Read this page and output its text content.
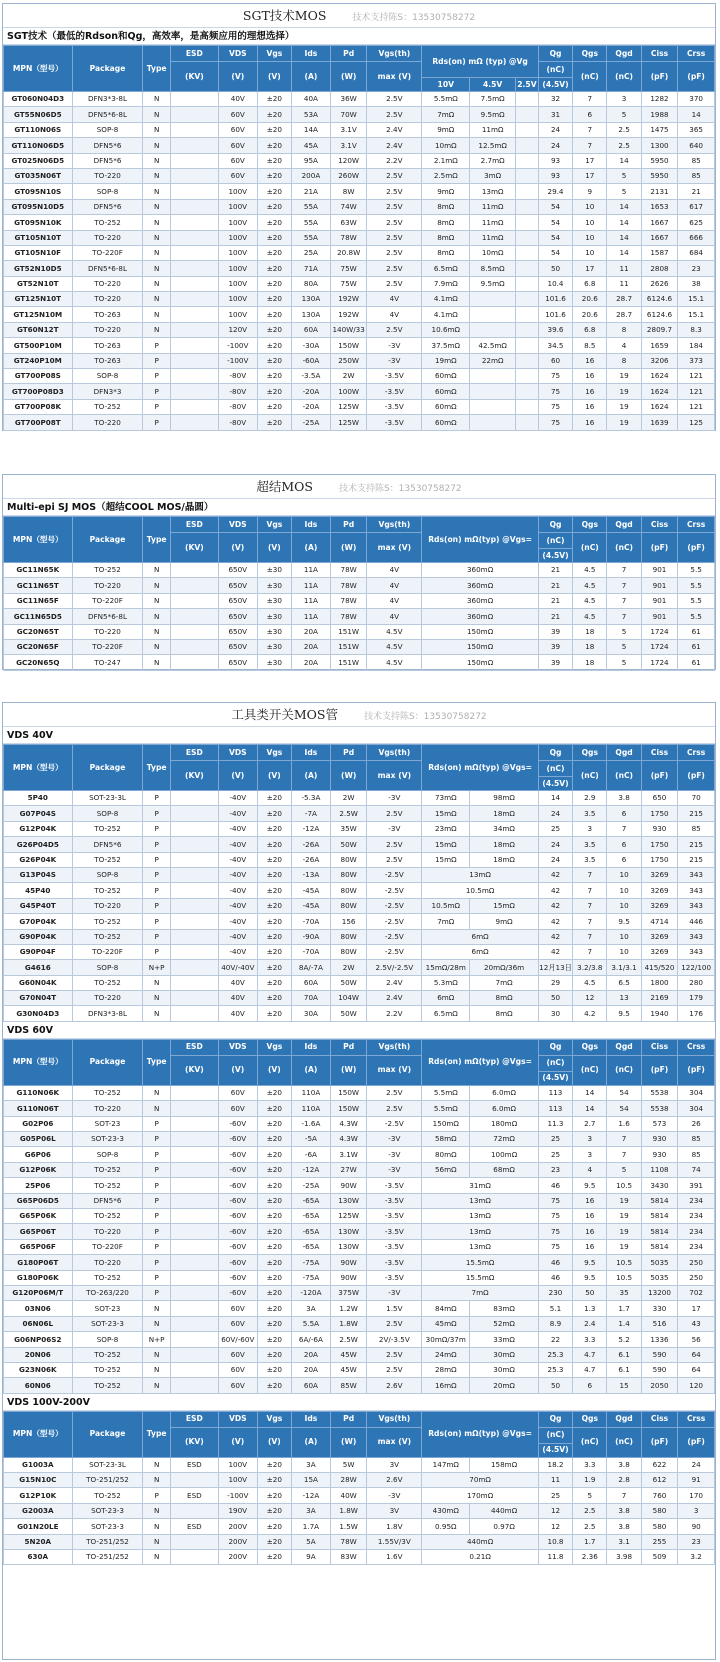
SGT技术MOS	技术支持陈S：13530758272
SGT技术（最低的Rdson和Qg，高效率，是高频应用的理想选择）
MPN（型号）	Package	Type	ESD	VDS	Vgs	Ids	Pd	Vgs(th)	Rds(on) mΩ (typ) @Vg			Qg	Qgs	Qgd	Ciss	Crss
			(KV)	(V)	(V)	(A)	(W)	max (V)				(nC)	(nC)	(nC)	(pF)	(pF)
									10V	4.5V	2.5V	(4.5V)				
GT060N04D3	DFN3*3-8L	N		40V	±20	40A	36W	2.5V	5.5mΩ	7.5mΩ		32	7	3	1282	370
GT55N06D5	DFN5*6-8L	N		60V	±20	53A	70W	2.5V	7mΩ	9.5mΩ		31	6	5	1988	14
GT110N06S	SOP-8	N		60V	±20	14A	3.1V	2.4V	9mΩ	11mΩ		24	7	2.5	1475	365
GT110N06D5	DFN5*6	N		60V	±20	45A	3.1V	2.4V	10mΩ	12.5mΩ		24	7	2.5	1300	640
GT025N06D5	DFN5*6	N		60V	±20	95A	120W	2.2V	2.1mΩ	2.7mΩ		93	17	14	5950	85
GT035N06T	TO-220	N		60V	±20	200A	260W	2.5V	2.5mΩ	3mΩ		93	17	5	5950	85
GT095N10S	SOP-8	N		100V	±20	21A	8W	2.5V	9mΩ	13mΩ		29.4	9	5	2131	21
GT095N10D5	DFN5*6	N		100V	±20	55A	74W	2.5V	8mΩ	11mΩ		54	10	14	1653	617
GT095N10K	TO-252	N		100V	±20	55A	63W	2.5V	8mΩ	11mΩ		54	10	14	1667	625
GT105N10T	TO-220	N		100V	±20	55A	78W	2.5V	8mΩ	11mΩ		54	10	14	1667	666
GT105N10F	TO-220F	N		100V	±20	25A	20.8W	2.5V	8mΩ	10mΩ		54	10	14	1587	684
GT52N10D5	DFN5*6-8L	N		100V	±20	71A	75W	2.5V	6.5mΩ	8.5mΩ		50	17	11	2808	23
GT52N10T	TO-220	N		100V	±20	80A	75W	2.5V	7.9mΩ	9.5mΩ		10.4	6.8	11	2626	38
GT125N10T	TO-220	N		100V	±20	130A	192W	4V	4.1mΩ			101.6	20.6	28.7	6124.6	15.1
GT125N10M	TO-263	N		100V	±20	130A	192W	4V	4.1mΩ			101.6	20.6	28.7	6124.6	15.1
GT60N12T	TO-220	N		120V	±20	60A	140W/33	2.5V	10.6mΩ			39.6	6.8	8	2809.7	8.3
GT500P10M	TO-263	P		-100V	±20	-30A	150W	-3V	37.5mΩ	42.5mΩ		34.5	8.5	4	1659	184
GT240P10M	TO-263	P		-100V	±20	-60A	250W	-3V	19mΩ	22mΩ		60	16	8	3206	373
GT700P08S	SOP-8	P		-80V	±20	-3.5A	2W	-3.5V	60mΩ			75	16	19	1624	121
GT700P08D3	DFN3*3	P		-80V	±20	-20A	100W	-3.5V	60mΩ			75	16	19	1624	121
GT700P08K	TO-252	P		-80V	±20	-20A	125W	-3.5V	60mΩ			75	16	19	1624	121
GT700P08T	TO-220	P		-80V	±20	-25A	125W	-3.5V	60mΩ			75	16	19	1639	125
超结MOS	技术支持陈S：13530758272
Multi-epi SJ MOS（超结COOL MOS/晶圆）
MPN（型号）	Package	Type	ESD	VDS	Vgs	Ids	Pd	Vgs(th)	Rds(on) mΩ(typ) @Vgs=	Qg	Qgs	Qgd	Ciss	Crss
			(KV)	(V)	(V)	(A)	(W)	max (V)		(nC)	(nC)	(nC)	(pF)	(pF)
										(4.5V)				
GC11N65K	TO-252	N		650V	±30	11A	78W	4V	360mΩ	21	4.5	7	901	5.5
GC11N65T	TO-220	N		650V	±30	11A	78W	4V	360mΩ	21	4.5	7	901	5.5
GC11N65F	TO-220F	N		650V	±30	11A	78W	4V	360mΩ	21	4.5	7	901	5.5
GC11N65D5	DFN5*6-8L	N		650V	±30	11A	78W	4V	360mΩ	21	4.5	7	901	5.5
GC20N65T	TO-220	N		650V	±30	20A	151W	4.5V	150mΩ	39	18	5	1724	61
GC20N65F	TO-220F	N		650V	±30	20A	151W	4.5V	150mΩ	39	18	5	1724	61
GC20N65Q	TO-247	N		650V	±30	20A	151W	4.5V	150mΩ	39	18	5	1724	61
工具类开关MOS管	技术支持陈S：13530758272
VDS 40V
MPN（型号）	Package	Type	ESD	VDS	Vgs	Ids	Pd	Vgs(th)	Rds(on) mΩ(typ) @Vgs=		Qg	Qgs	Qgd	Ciss	Crss
			(KV)	(V)	(V)	(A)	(W)	max (V)			(nC)	(nC)	(nC)	(pF)	(pF)
											(4.5V)				
5P40	SOT-23-3L	P		-40V	±20	-5.3A	2W	-3V	73mΩ	98mΩ	14	2.9	3.8	650	70
G07P04S	SOP-8	P		-40V	±20	-7A	2.5W	2.5V	15mΩ	18mΩ	24	3.5	6	1750	215
G12P04K	TO-252	P		-40V	±20	-12A	35W	-3V	23mΩ	34mΩ	25	3	7	930	85
G26P04D5	DFN5*6	P		-40V	±20	-26A	50W	2.5V	15mΩ	18mΩ	24	3.5	6	1750	215
G26P04K	TO-252	P		-40V	±20	-26A	80W	2.5V	15mΩ	18mΩ	24	3.5	6	1750	215
G13P04S	SOP-8	P		-40V	±20	-13A	80W	-2.5V	13mΩ		42	7	10	3269	343
45P40	TO-252	P		-40V	±20	-45A	80W	-2.5V	10.5mΩ		42	7	10	3269	343
G45P40T	TO-220	P		-40V	±20	-45A	80W	-2.5V	10.5mΩ	15mΩ	42	7	10	3269	343
G70P04K	TO-252	P		-40V	±20	-70A	156	-2.5V	7mΩ	9mΩ	42	7	9.5	4714	446
G90P04K	TO-252	P		-40V	±20	-90A	80W	-2.5V	6mΩ		42	7	10	3269	343
G90P04F	TO-220F	P		-40V	±20	-70A	80W	-2.5V	6mΩ		42	7	10	3269	343
G4616	SOP-8	N+P		40V/-40V	±20	8A/-7A	2W	2.5V/-2.5V	15mΩ/28m	20mΩ/36m	12月13日	3.2/3.8	3.1/3.1	415/520	122/100
G60N04K	TO-252	N		40V	±20	60A	50W	2.4V	5.3mΩ	7mΩ	29	4.5	6.5	1800	280
G70N04T	TO-220	N		40V	±20	70A	104W	2.4V	6mΩ	8mΩ	50	12	13	2169	179
G30N04D3	DFN3*3-8L	N		40V	±20	30A	50W	2.2V	6.5mΩ	8mΩ	30	4.2	9.5	1940	176
VDS 60V
MPN（型号）	Package	Type	ESD	VDS	Vgs	Ids	Pd	Vgs(th)	Rds(on) mΩ(typ) @Vgs=		Qg	Qgs	Qgd	Ciss	Crss
			(KV)	(V)	(V)	(A)	(W)	max (V)			(nC)	(nC)	(nC)	(pF)	(pF)
											(4.5V)				
G110N06K	TO-252	N		60V	±20	110A	150W	2.5V	5.5mΩ	6.0mΩ	113	14	54	5538	304
G110N06T	TO-220	N		60V	±20	110A	150W	2.5V	5.5mΩ	6.0mΩ	113	14	54	5538	304
G02P06	SOT-23	P		-60V	±20	-1.6A	4.3W	-2.5V	150mΩ	180mΩ	11.3	2.7	1.6	573	26
G05P06L	SOT-23-3	P		-60V	±20	-5A	4.3W	-3V	58mΩ	72mΩ	25	3	7	930	85
G6P06	SOP-8	P		-60V	±20	-6A	3.1W	-3V	80mΩ	100mΩ	25	3	7	930	85
G12P06K	TO-252	P		-60V	±20	-12A	27W	-3V	56mΩ	68mΩ	23	4	5	1108	74
25P06	TO-252	P		-60V	±20	-25A	90W	-3.5V	31mΩ		46	9.5	10.5	3430	391
G65P06D5	DFN5*6	P		-60V	±20	-65A	130W	-3.5V	13mΩ		75	16	19	5814	234
G65P06K	TO-252	P		-60V	±20	-65A	125W	-3.5V	13mΩ		75	16	19	5814	234
G65P06T	TO-220	P		-60V	±20	-65A	130W	-3.5V	13mΩ		75	16	19	5814	234
G65P06F	TO-220F	P		-60V	±20	-65A	130W	-3.5V	13mΩ		75	16	19	5814	234
G180P06T	TO-220	P		-60V	±20	-75A	90W	-3.5V	15.5mΩ		46	9.5	10.5	5035	250
G180P06K	TO-252	P		-60V	±20	-75A	90W	-3.5V	15.5mΩ		46	9.5	10.5	5035	250
G120P06M/T	TO-263/220	P		-60V	±20	-120A	375W	-3V	7mΩ		230	50	35	13200	702
03N06	SOT-23	N		60V	±20	3A	1.2W	1.5V	84mΩ	83mΩ	5.1	1.3	1.7	330	17
06N06L	SOT-23-3	N		60V	±20	5.5A	1.8W	2.5V	45mΩ	52mΩ	8.9	2.4	1.4	516	43
G06NP06S2	SOP-8	N+P		60V/-60V	±20	6A/-6A	2.5W	2V/-3.5V	30mΩ/37m	33mΩ	22	3.3	5.2	1336	56
20N06	TO-252	N		60V	±20	20A	45W	2.5V	24mΩ	30mΩ	25.3	4.7	6.1	590	64
G23N06K	TO-252	N		60V	±20	20A	45W	2.5V	28mΩ	30mΩ	25.3	4.7	6.1	590	64
60N06	TO-252	N		60V	±20	60A	85W	2.6V	16mΩ	20mΩ	50	6	15	2050	120
VDS 100V-200V
MPN（型号）	Package	Type	ESD	VDS	Vgs	Ids	Pd	Vgs(th)	Rds(on) mΩ(typ) @Vgs=		Qg	Qgs	Qgd	Ciss	Crss
			(KV)	(V)	(V)	(A)	(W)	max (V)			(nC)	(nC)	(nC)	(pF)	(pF)
											(4.5V)				
G1003A	SOT-23-3L	N	ESD	100V	±20	3A	5W	3V	147mΩ	158mΩ	18.2	3.3	3.8	622	24
G15N10C	TO-251/252	N		100V	±20	15A	28W	2.6V	70mΩ		11	1.9	2.8	612	91
G12P10K	TO-252	P	ESD	-100V	±20	-12A	40W	-3V	170mΩ		25	5	7	760	170
G2003A	SOT-23-3	N		190V	±20	3A	1.8W	3V	430mΩ	440mΩ	12	2.5	3.8	580	3
G01N20LE	SOT-23-3	N	ESD	200V	±20	1.7A	1.5W	1.8V	0.95Ω	0.97Ω	12	2.5	3.8	580	90
5N20A	TO-251/252	N		200V	±20	5A	78W	1.55V/3V	440mΩ		10.8	1.7	3.1	255	23
630A	TO-251/252	N		200V	±20	9A	83W	1.6V	0.21Ω		11.8	2.36	3.98	509	3.2
